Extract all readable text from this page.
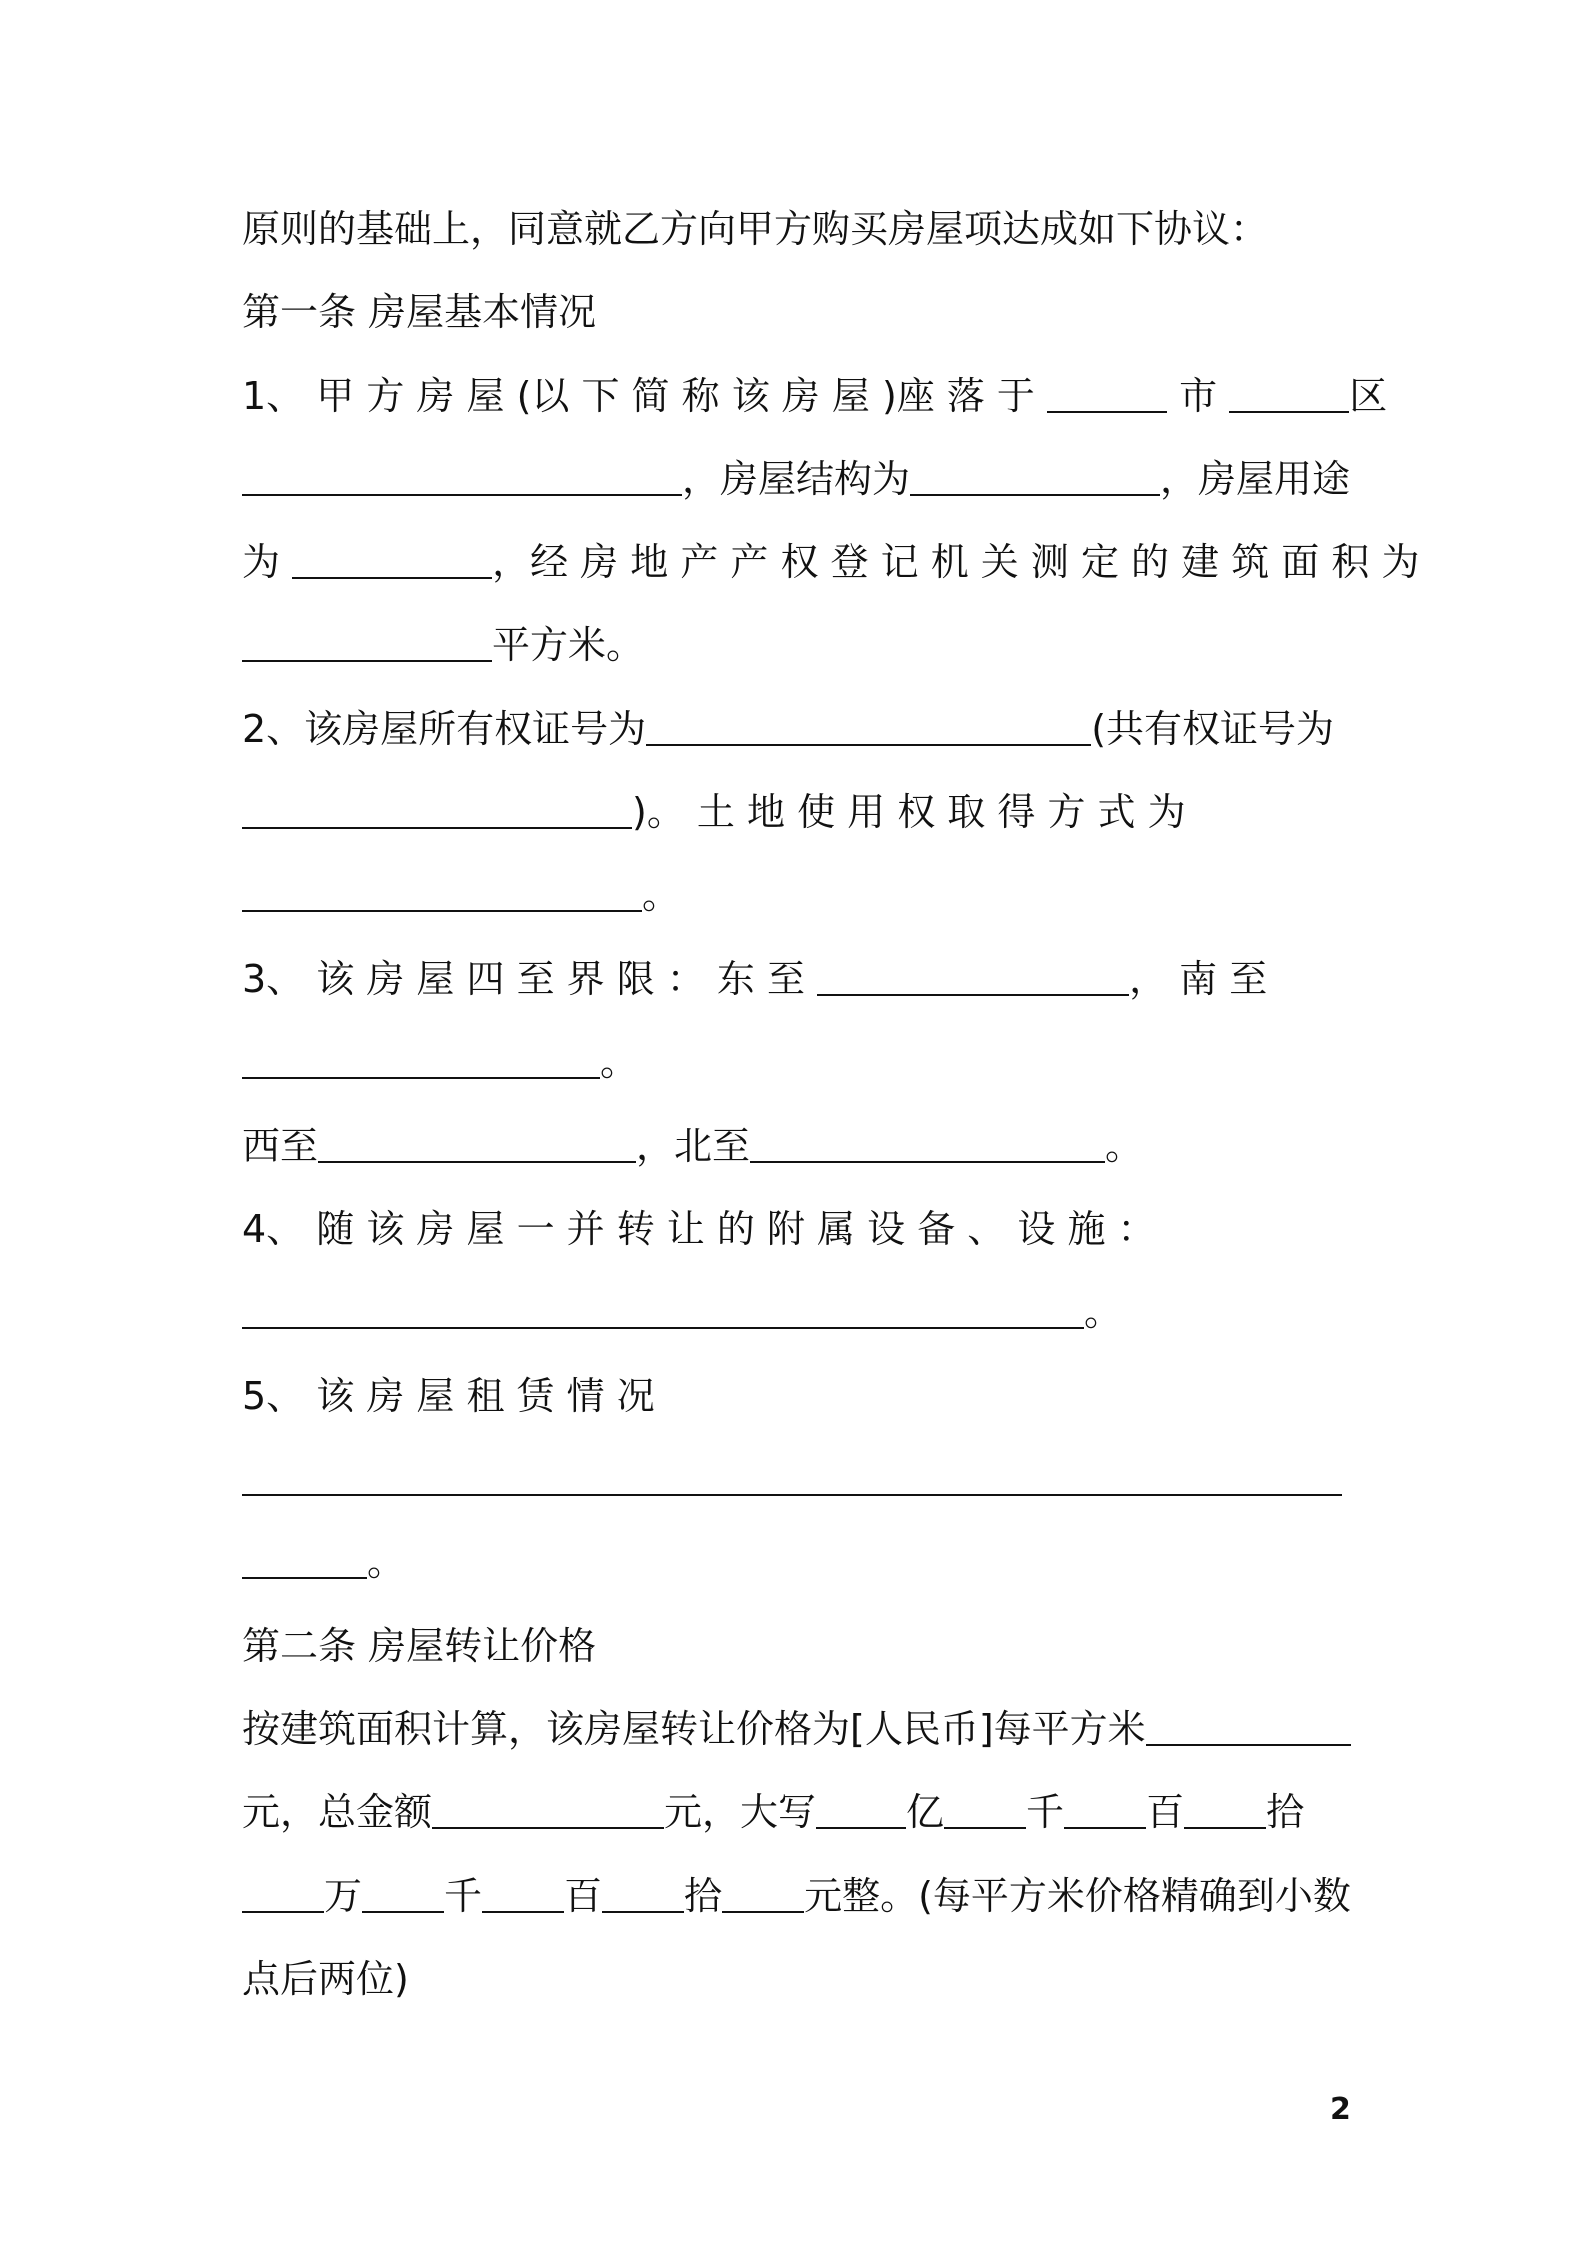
原则的基础上，同意就乙方向甲方购买房屋项达成如下协议：
第一条 房屋基本情况
1、 甲 方 房 屋 (以 下 简 称 该 房 屋 )座 落 于	市	区
，房屋结构为	，房屋用途
为	，经 房 地 产 产 权 登 记 机 关 测 定 的 建 筑 面 积 为
平方米。
2、该房屋所有权证号为	(共有权证号为
)。 土 地 使 用 权 取 得 方 式 为
。
3、 该 房 屋 四 至 界 限 ： 东 至	， 南 至
。
西至	，北至	。
4、 随 该 房 屋 一 并 转 让 的 附 属 设 备 、 设 施 ：
。
5、 该 房 屋 租 赁 情 况
。
第二条 房屋转让价格
按建筑面积计算，该房屋转让价格为[人民币]每平方米
元，总金额	元，大写 亿 千 百 拾
万 千 百 拾 元整。(每平方米价格精确到小数
点后两位)
2
